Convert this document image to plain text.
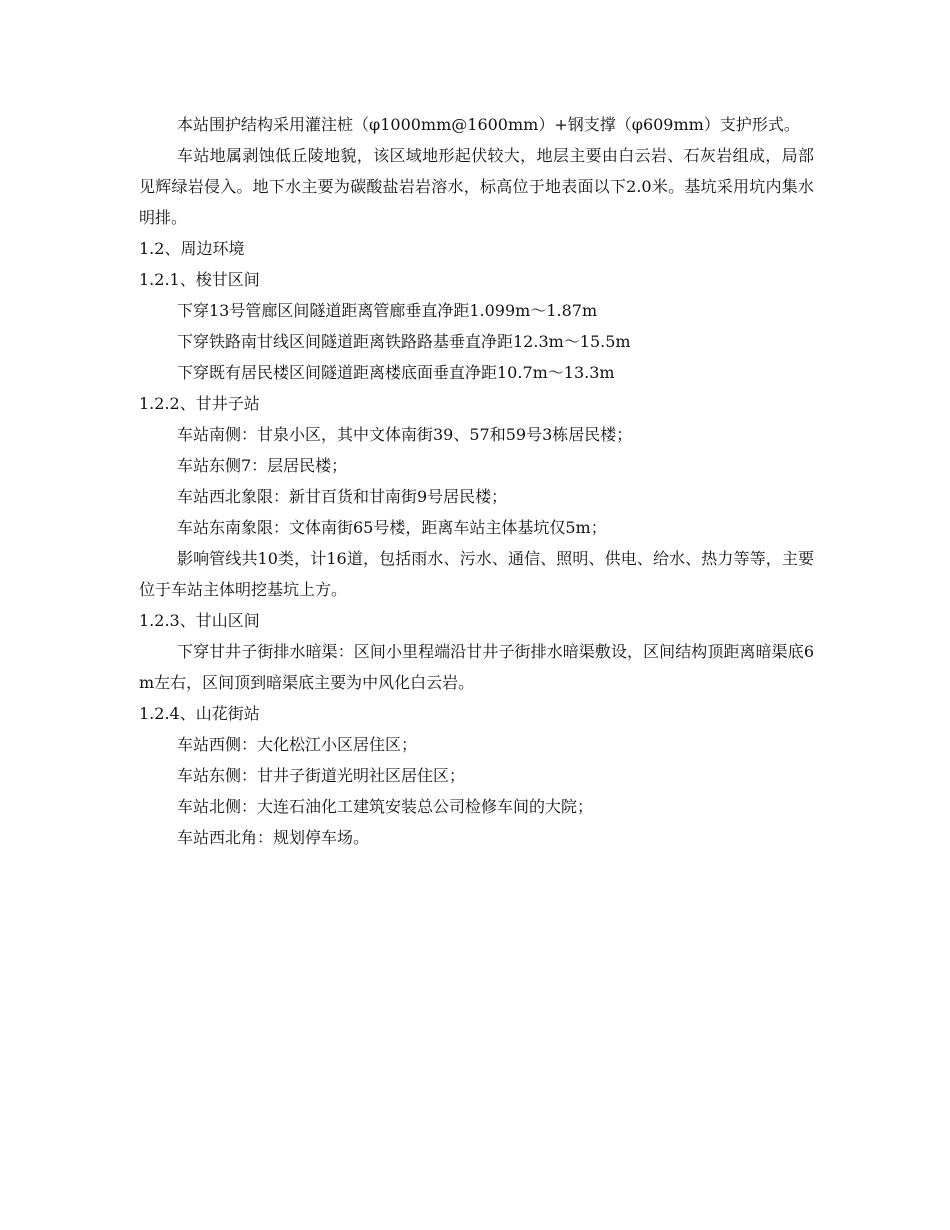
本站围护结构采用灌注桩（φ1000mm@1600mm）+钢支撑（φ609mm）支护形式。

车站地属剥蚀低丘陵地貌，该区域地形起伏较大，地层主要由白云岩、石灰岩组成，局部见辉绿岩侵入。地下水主要为碳酸盐岩岩溶水，标高位于地表面以下2.0米。基坑采用坑内集水明排。

1.2、周边环境

1.2.1、梭甘区间

下穿13号管廊区间隧道距离管廊垂直净距1.099m～1.87m

下穿铁路南甘线区间隧道距离铁路路基垂直净距12.3m～15.5m

下穿既有居民楼区间隧道距离楼底面垂直净距10.7m～13.3m

1.2.2、甘井子站

车站南侧：甘泉小区，其中文体南街39、57和59号3栋居民楼；

车站东侧7：层居民楼；

车站西北象限：新甘百货和甘南街9号居民楼；

车站东南象限：文体南街65号楼，距离车站主体基坑仅5m；

影响管线共10类，计16道，包括雨水、污水、通信、照明、供电、给水、热力等等，主要位于车站主体明挖基坑上方。

1.2.3、甘山区间

下穿甘井子街排水暗渠：区间小里程端沿甘井子街排水暗渠敷设，区间结构顶距离暗渠底6m左右，区间顶到暗渠底主要为中风化白云岩。

1.2.4、山花街站

车站西侧：大化松江小区居住区；

车站东侧：甘井子街道光明社区居住区；

车站北侧：大连石油化工建筑安装总公司检修车间的大院；

车站西北角：规划停车场。
